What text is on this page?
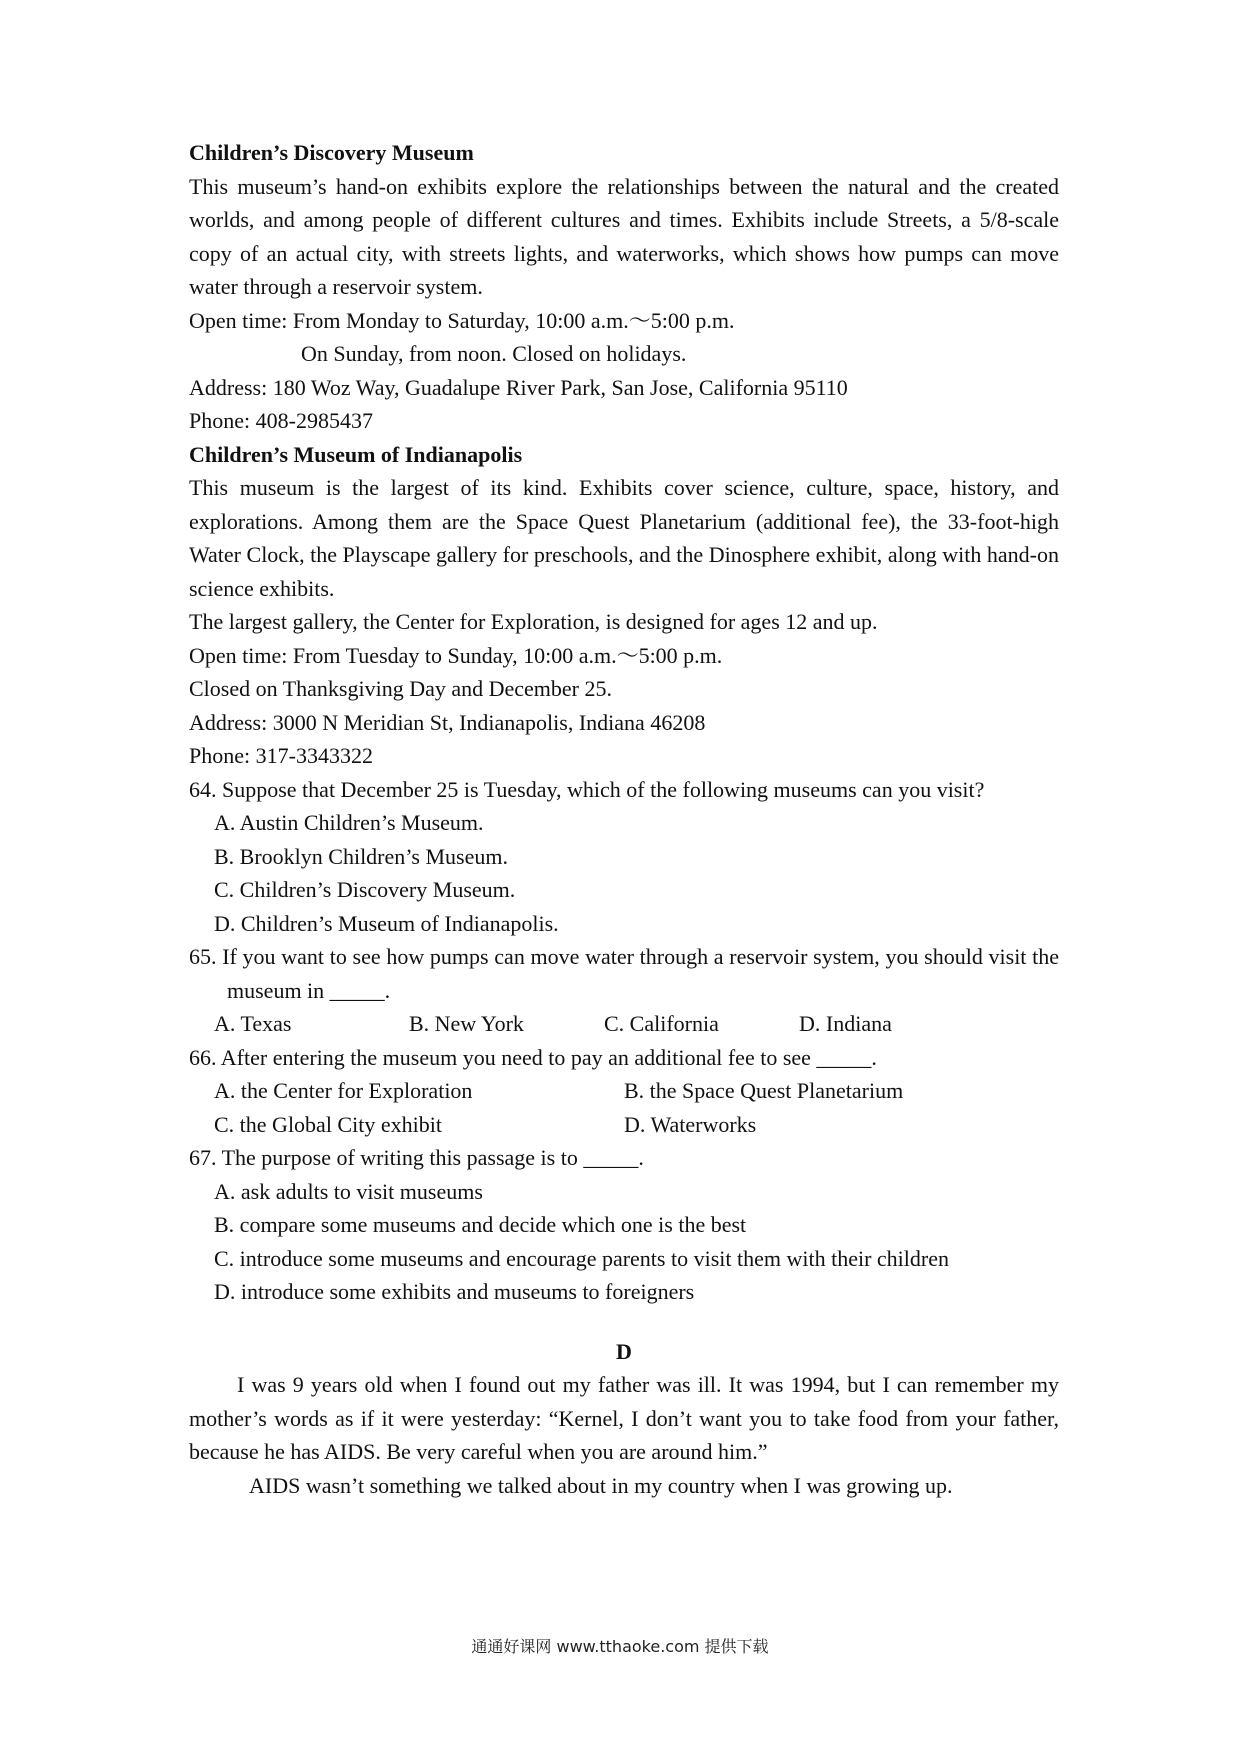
Children’s Discovery Museum
This museum’s hand-on exhibits explore the relationships between the natural and the created worlds, and among people of different cultures and times. Exhibits include Streets, a 5/8-scale copy of an actual city, with streets lights, and waterworks, which shows how pumps can move water through a reservoir system.
Open time: From Monday to Saturday, 10:00 a.m.～5:00 p.m.
On Sunday, from noon. Closed on holidays.
Address: 180 Woz Way, Guadalupe River Park, San Jose, California 95110
Phone: 408-2985437
Children’s Museum of Indianapolis
This museum is the largest of its kind. Exhibits cover science, culture, space, history, and explorations. Among them are the Space Quest Planetarium (additional fee), the 33-foot-high Water Clock, the Playscape gallery for preschools, and the Dinosphere exhibit, along with hand-on science exhibits.
The largest gallery, the Center for Exploration, is designed for ages 12 and up.
Open time: From Tuesday to Sunday, 10:00 a.m.～5:00 p.m.
Closed on Thanksgiving Day and December 25.
Address: 3000 N Meridian St, Indianapolis, Indiana 46208
Phone: 317-3343322
64. Suppose that December 25 is Tuesday, which of the following museums can you visit?
A. Austin Children’s Museum.
B. Brooklyn Children’s Museum.
C. Children’s Discovery Museum.
D. Children’s Museum of Indianapolis.
65. If you want to see how pumps can move water through a reservoir system, you should visit the museum in _____.
A. Texas	B. New York	C. California	D. Indiana
66. After entering the museum you need to pay an additional fee to see _____.
A. the Center for Exploration	B. the Space Quest Planetarium
C. the Global City exhibit	D. Waterworks
67. The purpose of writing this passage is to _____.
A. ask adults to visit museums
B. compare some museums and decide which one is the best
C. introduce some museums and encourage parents to visit them with their children
D. introduce some exhibits and museums to foreigners
D
I was 9 years old when I found out my father was ill. It was 1994, but I can remember my mother’s words as if it were yesterday: “Kernel, I don’t want you to take food from your father, because he has AIDS. Be very careful when you are around him.”
AIDS wasn’t something we talked about in my country when I was growing up.
通通好课网 www.tthaoke.com 提供下载
